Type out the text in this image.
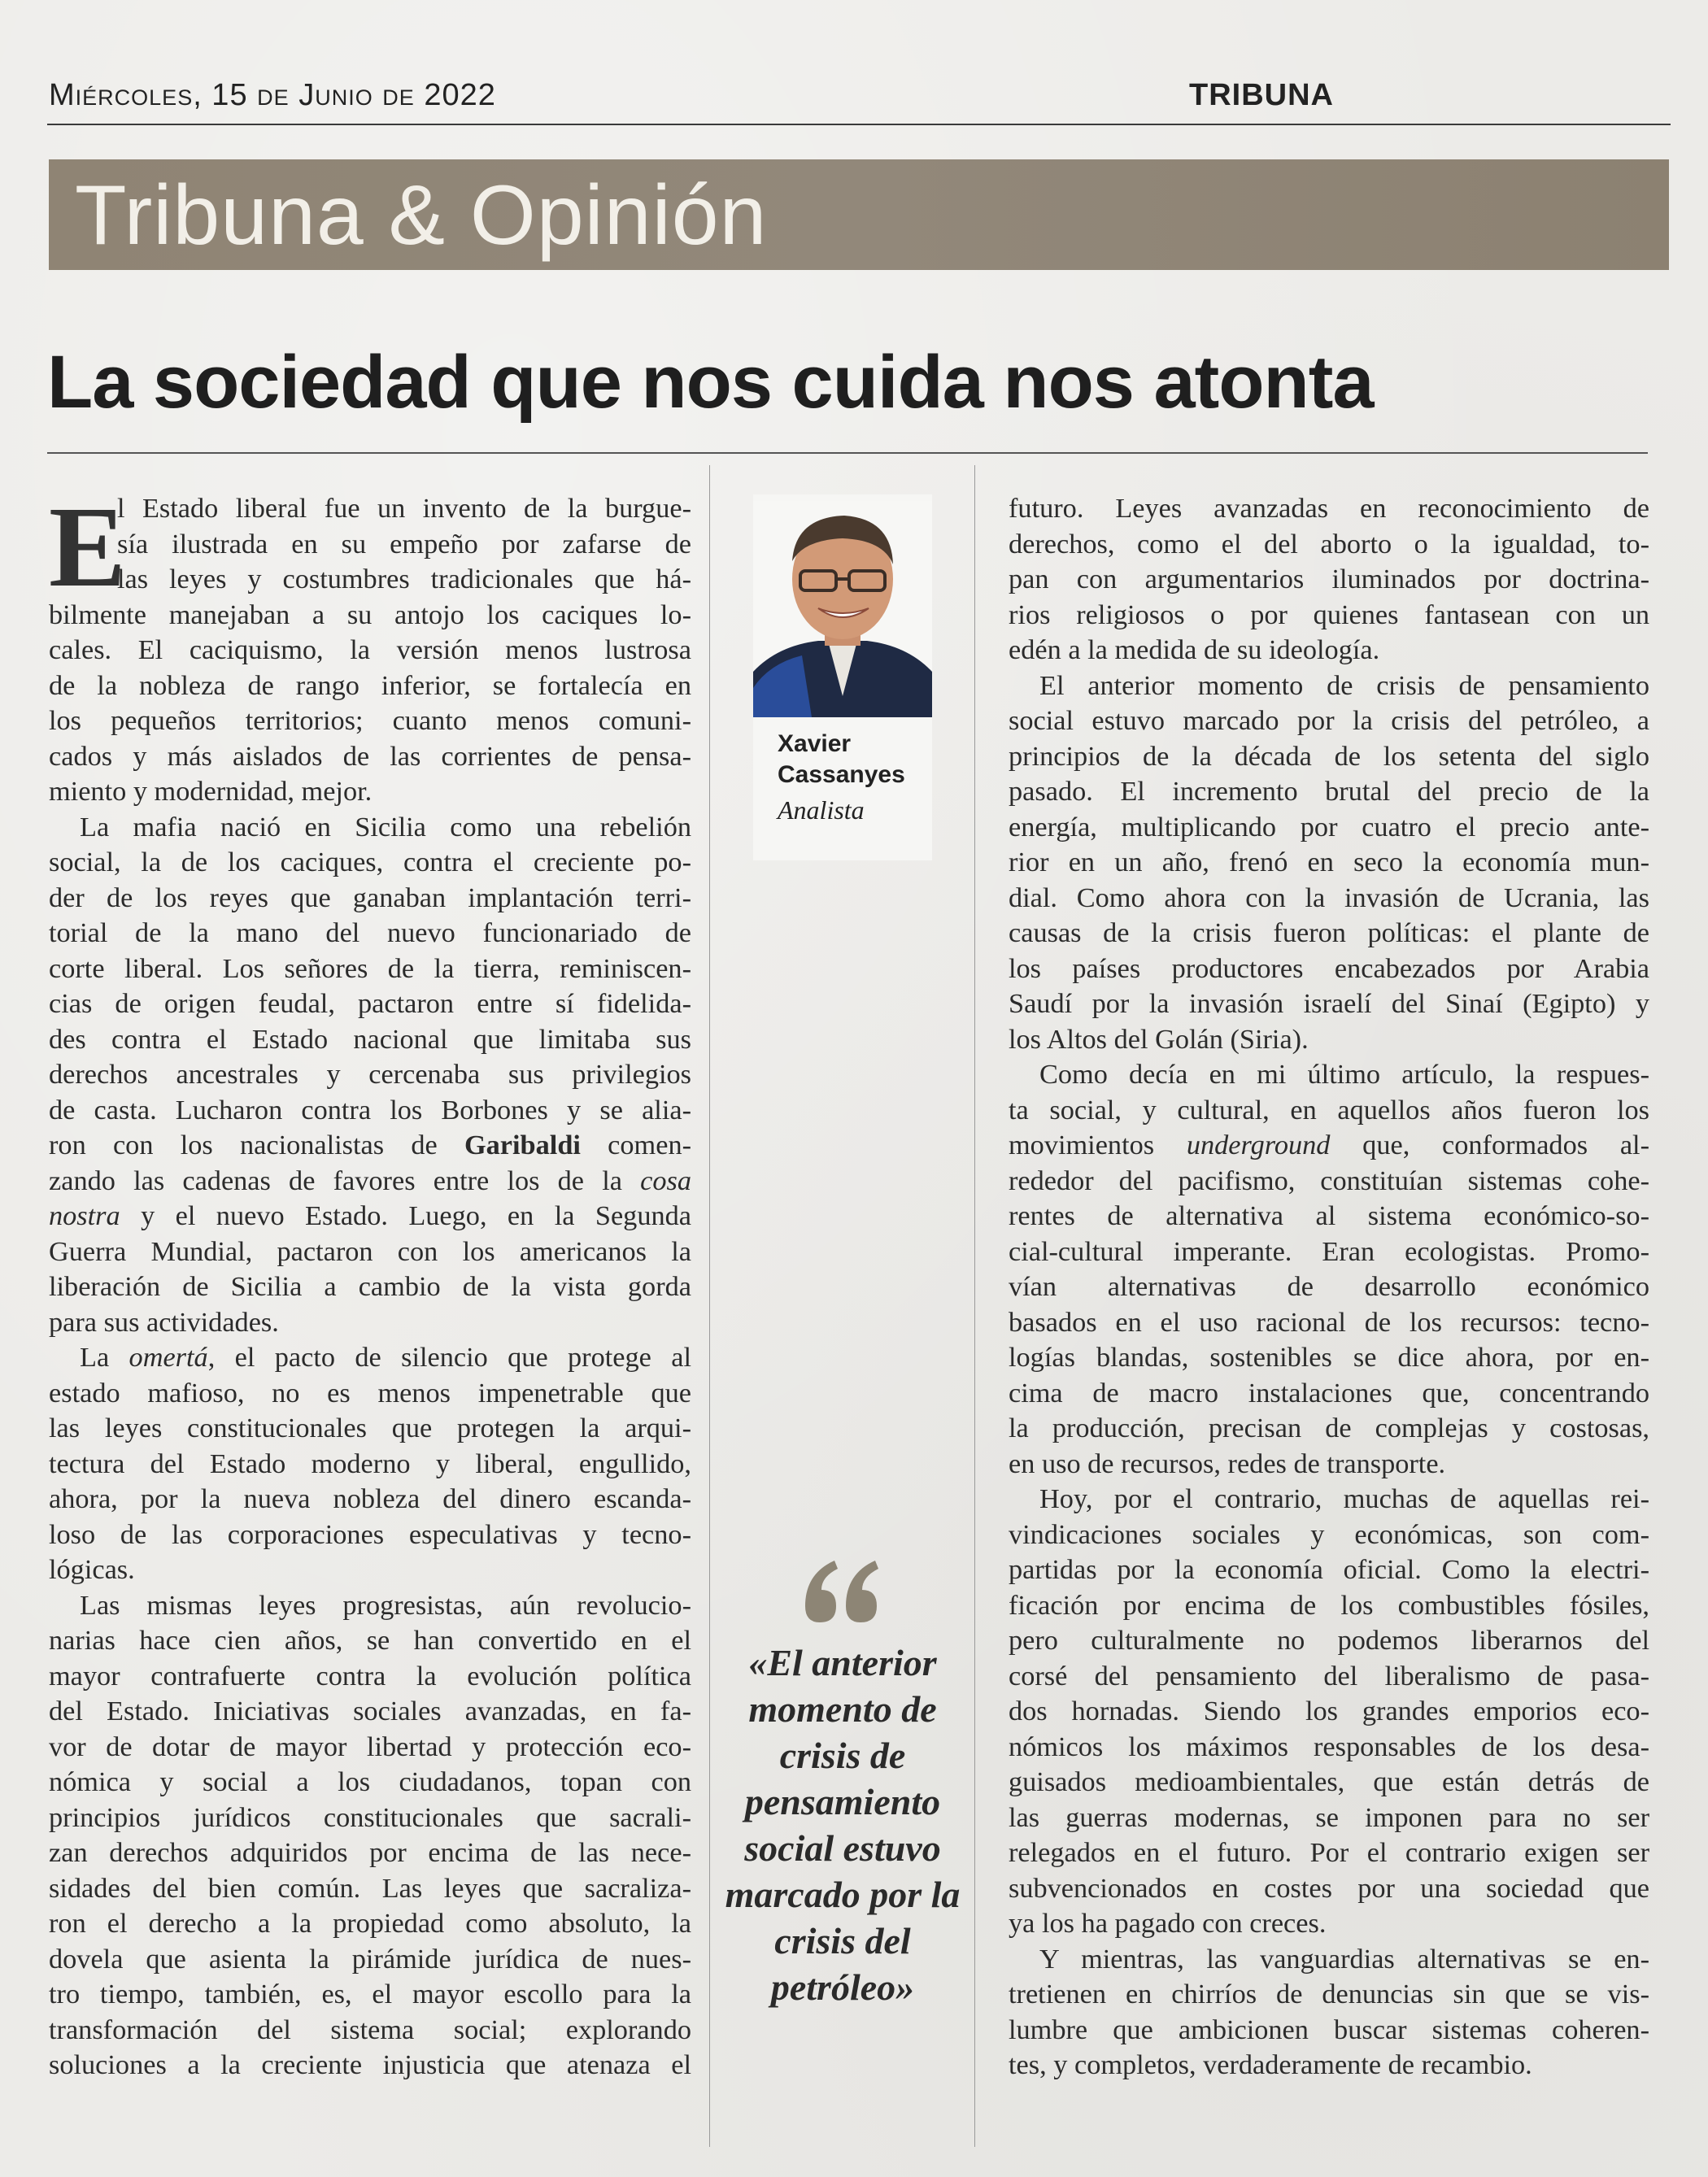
Miércoles, 15 de Junio de 2022	TRIBUNA
Tribuna & Opinión
La sociedad que nos cuida nos atonta
E
l Estado liberal fue un invento de la burgue-
sía ilustrada en su empeño por zafarse de
las leyes y costumbres tradicionales que há-
bilmente manejaban a su antojo los caciques lo-
cales. El caciquismo, la versión menos lustrosa
de la nobleza de rango inferior, se fortalecía en
los pequeños territorios; cuanto menos comuni-
cados y más aislados de las corrientes de pensa-
miento y modernidad, mejor.
La mafia nació en Sicilia como una rebelión
social, la de los caciques, contra el creciente po-
der de los reyes que ganaban implantación terri-
torial de la mano del nuevo funcionariado de
corte liberal. Los señores de la tierra, reminiscen-
cias de origen feudal, pactaron entre sí fidelida-
des contra el Estado nacional que limitaba sus
derechos ancestrales y cercenaba sus privilegios
de casta. Lucharon contra los Borbones y se alia-
ron con los nacionalistas de Garibaldi comen-
zando las cadenas de favores entre los de la cosa
nostra y el nuevo Estado. Luego, en la Segunda
Guerra Mundial, pactaron con los americanos la
liberación de Sicilia a cambio de la vista gorda
para sus actividades.
La omertá, el pacto de silencio que protege al
estado mafioso, no es menos impenetrable que
las leyes constitucionales que protegen la arqui-
tectura del Estado moderno y liberal, engullido,
ahora, por la nueva nobleza del dinero escanda-
loso de las corporaciones especulativas y tecno-
lógicas.
Las mismas leyes progresistas, aún revolucio-
narias hace cien años, se han convertido en el
mayor contrafuerte contra la evolución política
del Estado. Iniciativas sociales avanzadas, en fa-
vor de dotar de mayor libertad y protección eco-
nómica y social a los ciudadanos, topan con
principios jurídicos constitucionales que sacrali-
zan derechos adquiridos por encima de las nece-
sidades del bien común. Las leyes que sacraliza-
ron el derecho a la propiedad como absoluto, la
dovela que asienta la pirámide jurídica de nues-
tro tiempo, también, es, el mayor escollo para la
transformación del sistema social; explorando
soluciones a la creciente injusticia que atenaza el
Xavier
Cassanyes
Analista
«El anterior momento de crisis de pensamiento social estuvo marcado por la crisis del petróleo»
futuro. Leyes avanzadas en reconocimiento de
derechos, como el del aborto o la igualdad, to-
pan con argumentarios iluminados por doctrina-
rios religiosos o por quienes fantasean con un
edén a la medida de su ideología.
El anterior momento de crisis de pensamiento
social estuvo marcado por la crisis del petróleo, a
principios de la década de los setenta del siglo
pasado. El incremento brutal del precio de la
energía, multiplicando por cuatro el precio ante-
rior en un año, frenó en seco la economía mun-
dial. Como ahora con la invasión de Ucrania, las
causas de la crisis fueron políticas: el plante de
los países productores encabezados por Arabia
Saudí por la invasión israelí del Sinaí (Egipto) y
los Altos del Golán (Siria).
Como decía en mi último artículo, la respues-
ta social, y cultural, en aquellos años fueron los
movimientos underground que, conformados al-
rededor del pacifismo, constituían sistemas cohe-
rentes de alternativa al sistema económico-so-
cial-cultural imperante. Eran ecologistas. Promo-
vían alternativas de desarrollo económico
basados en el uso racional de los recursos: tecno-
logías blandas, sostenibles se dice ahora, por en-
cima de macro instalaciones que, concentrando
la producción, precisan de complejas y costosas,
en uso de recursos, redes de transporte.
Hoy, por el contrario, muchas de aquellas rei-
vindicaciones sociales y económicas, son com-
partidas por la economía oficial. Como la electri-
ficación por encima de los combustibles fósiles,
pero culturalmente no podemos liberarnos del
corsé del pensamiento del liberalismo de pasa-
dos hornadas. Siendo los grandes emporios eco-
nómicos los máximos responsables de los desa-
guisados medioambientales, que están detrás de
las guerras modernas, se imponen para no ser
relegados en el futuro. Por el contrario exigen ser
subvencionados en costes por una sociedad que
ya los ha pagado con creces.
Y mientras, las vanguardias alternativas se en-
tretienen en chirríos de denuncias sin que se vis-
lumbre que ambicionen buscar sistemas coheren-
tes, y completos, verdaderamente de recambio.
